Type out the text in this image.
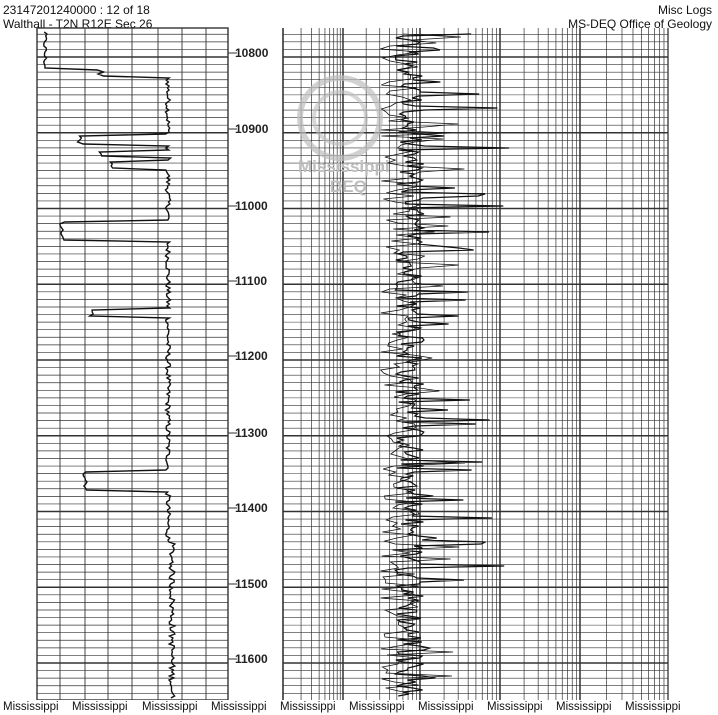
23147201240000 : 12 of 18
Walthall - T2N R12E Sec 26
Misc Logs
MS-DEQ Office of Geology
10800
10900
11000
11100
11200
11300
11400
11500
11600
Mississippi
DEQ
Mississippi Mississippi Mississippi Mississippi Mississippi Mississippi Mississippi Mississippi Mississippi Mississippi
